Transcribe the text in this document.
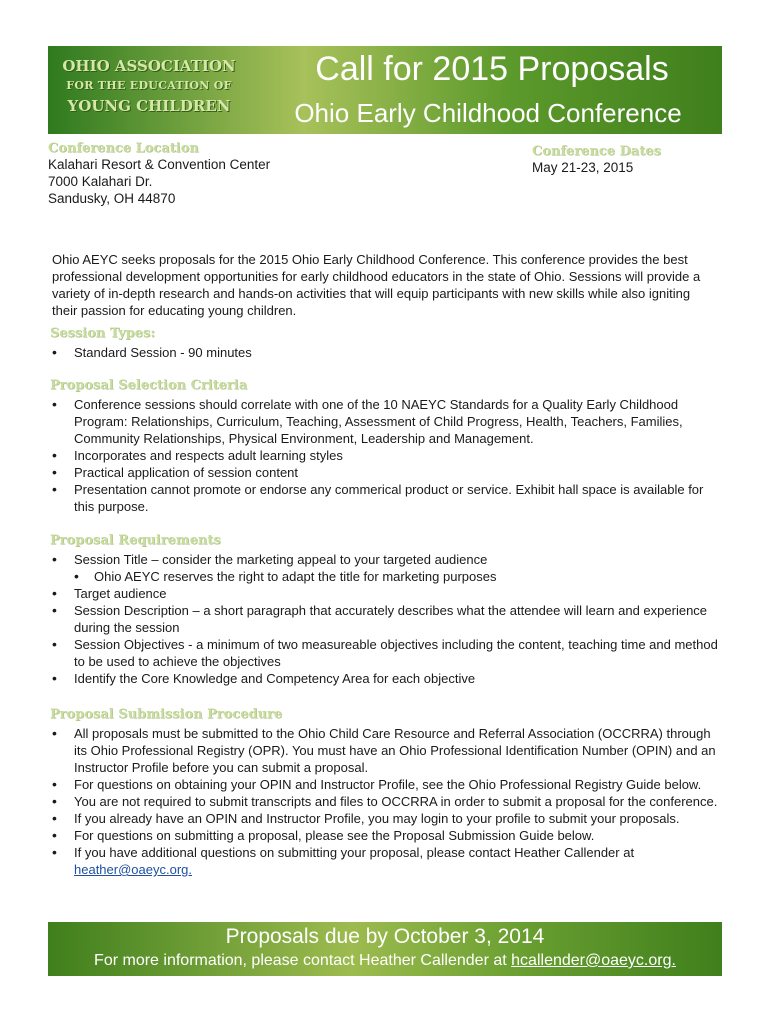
OHIO ASSOCIATION
FOR THE EDUCATION OF
YOUNG CHILDREN
Call for 2015 Proposals
Ohio Early Childhood Conference
Conference Location
Kalahari Resort & Convention Center
7000 Kalahari Dr.
Sandusky, OH 44870
Conference Dates
May 21-23, 2015
Ohio AEYC seeks proposals for the 2015 Ohio Early Childhood Conference. This conference provides the best professional development opportunities for early childhood educators in the state of Ohio. Sessions will provide a variety of in-depth research and hands-on activities that will equip participants with new skills while also igniting their passion for educating young children.
Session Types:
• Standard Session - 90 minutes
Proposal Selection Criteria
• Conference sessions should correlate with one of the 10 NAEYC Standards for a Quality Early Childhood Program: Relationships, Curriculum, Teaching, Assessment of Child Progress, Health, Teachers, Families, Community Relationships, Physical Environment, Leadership and Management.
• Incorporates and respects adult learning styles
• Practical application of session content
• Presentation cannot promote or endorse any commerical product or service. Exhibit hall space is available for this purpose.
Proposal Requirements
• Session Title – consider the marketing appeal to your targeted audience
• Ohio AEYC reserves the right to adapt the title for marketing purposes
• Target audience
• Session Description – a short paragraph that accurately describes what the attendee will learn and experience during the session
• Session Objectives - a minimum of two measureable objectives including the content, teaching time and method to be used to achieve the objectives
• Identify the Core Knowledge and Competency Area for each objective
Proposal Submission Procedure
• All proposals must be submitted to the Ohio Child Care Resource and Referral Association (OCCRRA) through its Ohio Professional Registry (OPR). You must have an Ohio Professional Identification Number (OPIN) and an Instructor Profile before you can submit a proposal.
• For questions on obtaining your OPIN and Instructor Profile, see the Ohio Professional Registry Guide below.
• You are not required to submit transcripts and files to OCCRRA in order to submit a proposal for the conference.
• If you already have an OPIN and Instructor Profile, you may login to your profile to submit your proposals.
• For questions on submitting a proposal, please see the Proposal Submission Guide below.
• If you have additional questions on submitting your proposal, please contact Heather Callender at
heather@oaeyc.org.
Proposals due by October 3, 2014
For more information, please contact Heather Callender at hcallender@oaeyc.org.
